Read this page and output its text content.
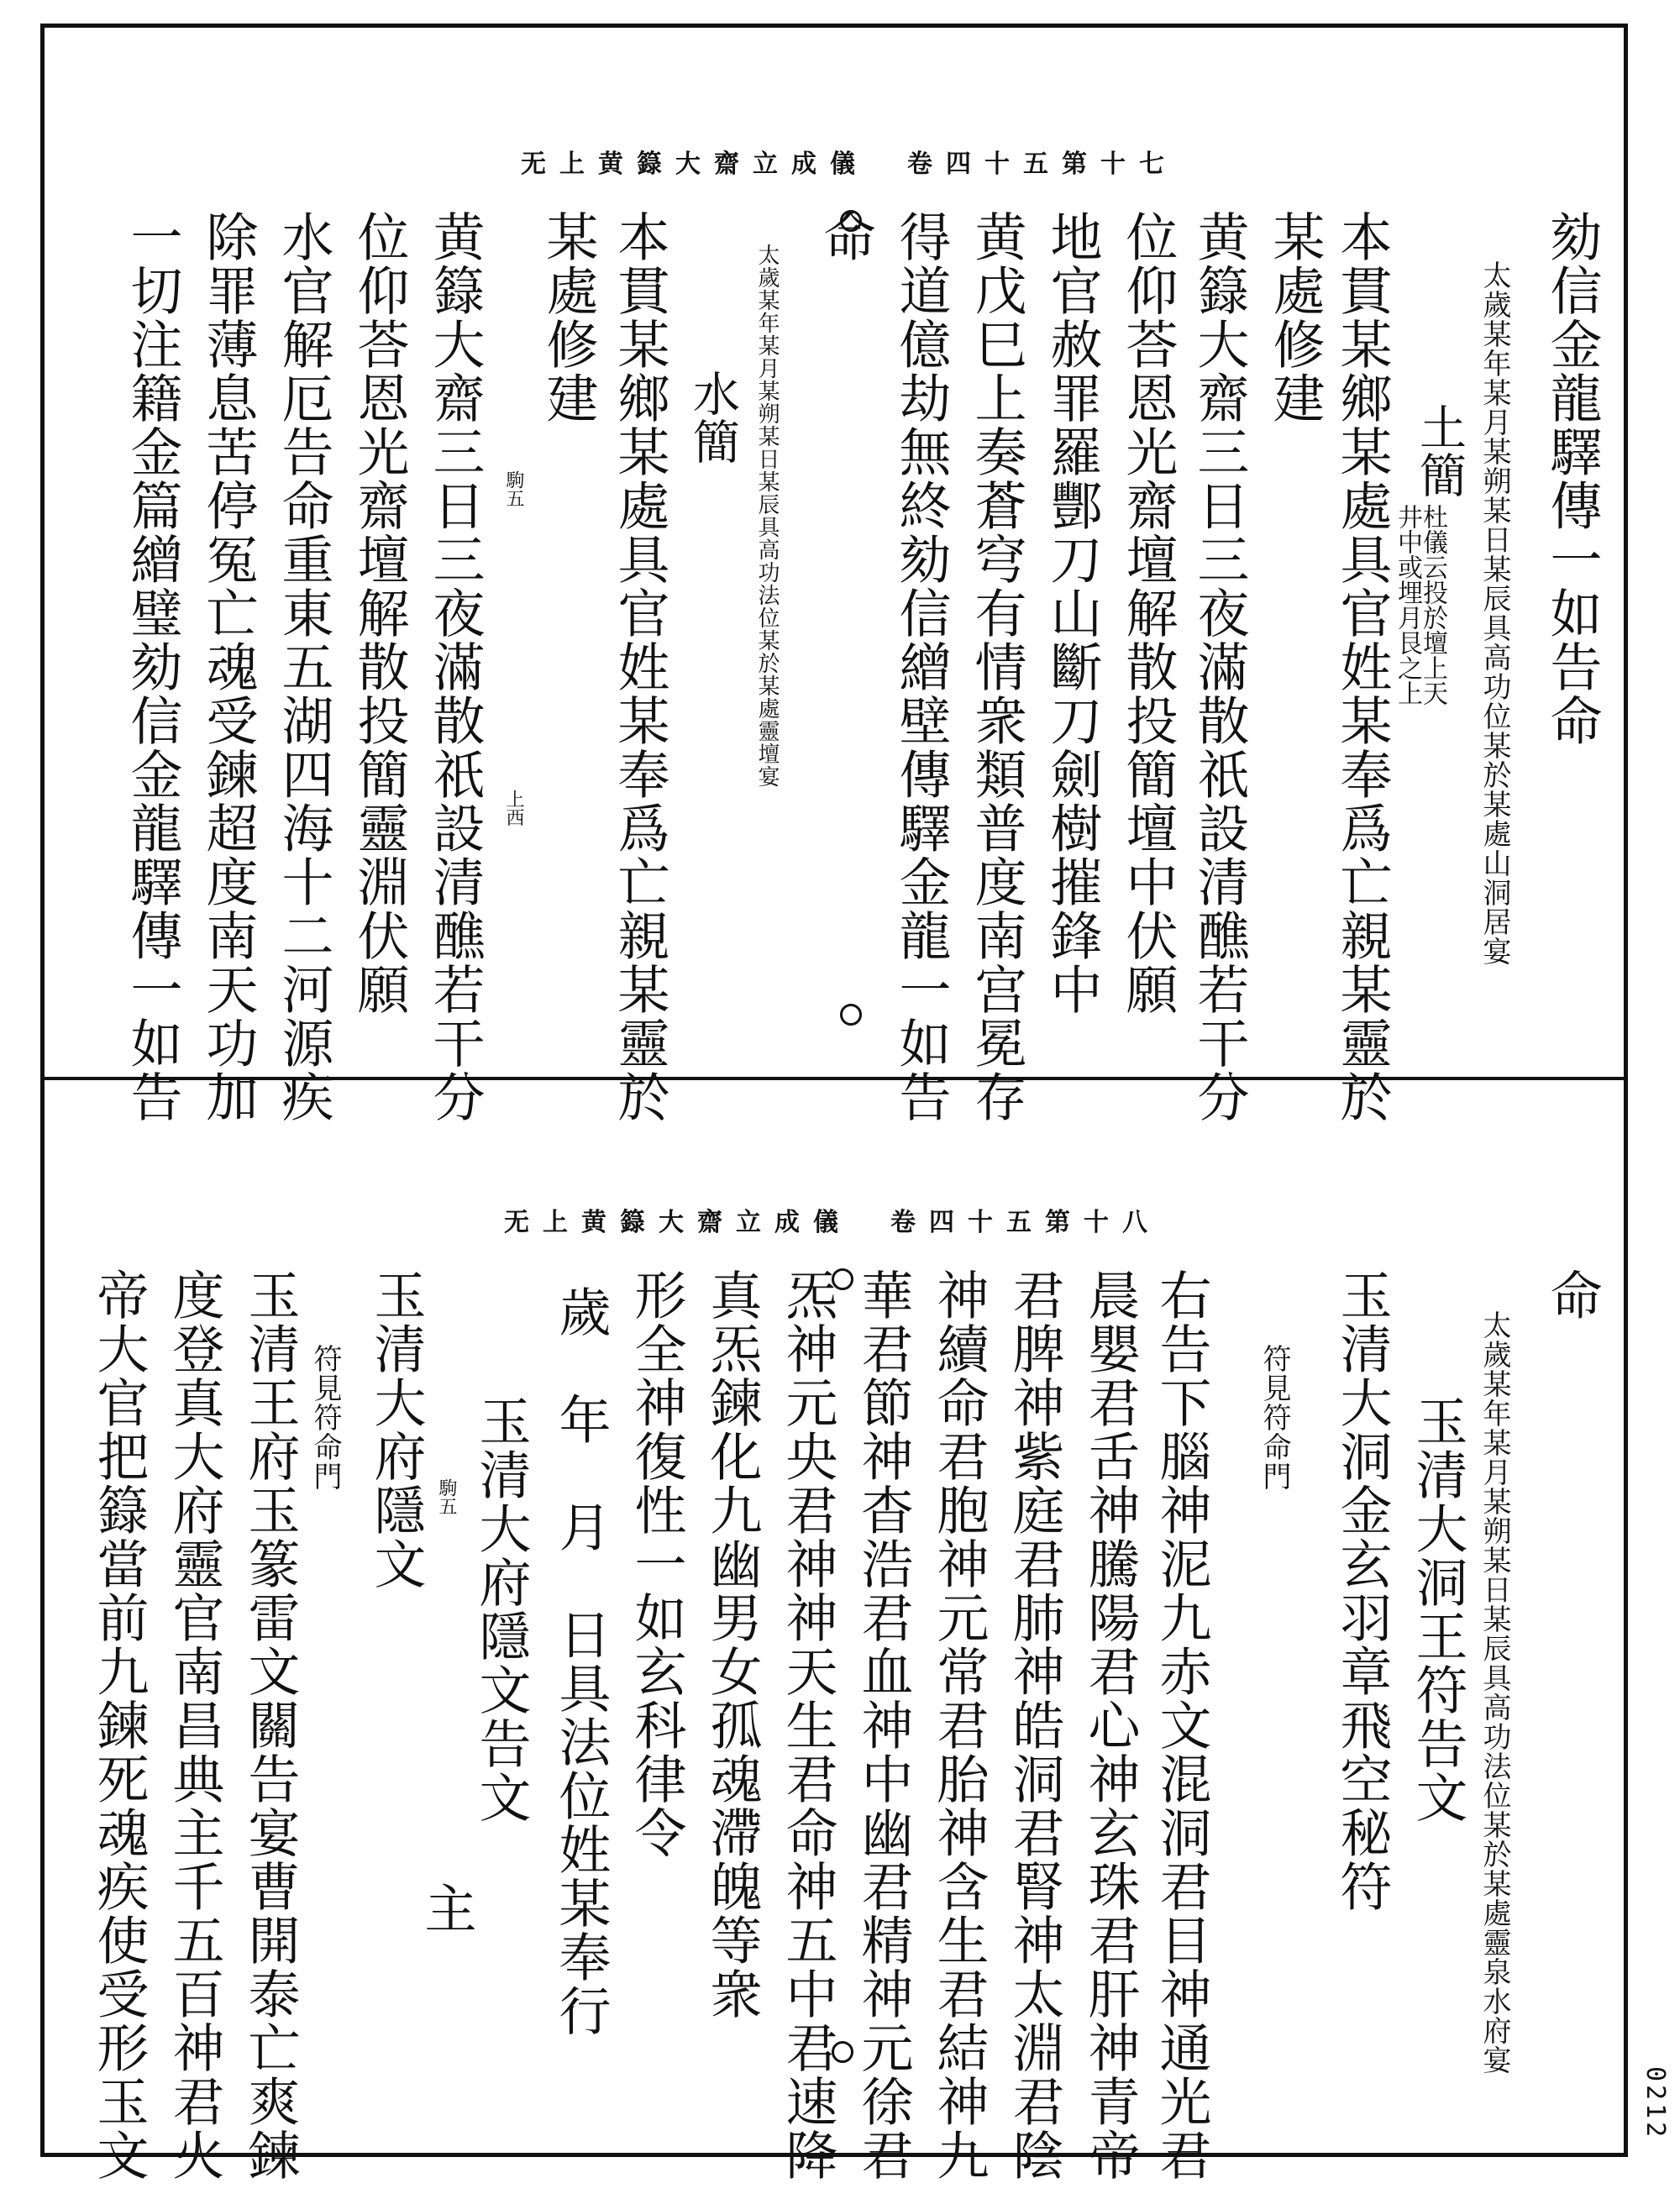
无上黄籙大齋立成儀　卷四十五第十七
劾信金龍驛傳一如告命
太歲某年某月某朔某日某辰具高功位某於某處山洞居宴
土簡
杜儀云投於壇上天
井中或埋月艮之上
本貫某鄉某處具官姓某奉爲亡親某靈於
某處修建
黄籙大齋三日三夜滿散祇設清醮若干分
位仰荅恩光齋壇解散投簡壇中伏願
地官赦罪羅酆刀山斷刀劍樹摧鋒中
黄戊巳上奏蒼穹有情衆類普度南宫冕存
得道億劫無終劾信繒壁傳驛金龍一如告
命
太歲某年某月某朔某日某辰具高功法位某於某處靈壇宴
水簡
本貫某鄉某處具官姓某奉爲亡親某靈於
某處修建
駒五
上西
黄籙大齋三日三夜滿散祇設清醮若干分
位仰荅恩光齋壇解散投簡靈淵伏願
水官解厄告命重東五湖四海十二河源疾
除罪薄息苦停冤亡魂受鍊超度南天功加
一切注籍金篇繒璧劾信金龍驛傳一如告
无上黄籙大齋立成儀　卷四十五第十八
命
太歲某年某月某朔某日某辰具高功法位某於某處靈泉水府宴
玉清大洞王符告文
玉清大洞金玄羽章飛空秘符
符見符命門
右告下腦神泥九赤文混洞君目神通光君
晨嬰君舌神騰陽君心神玄珠君肝神青帝
君脾神紫庭君肺神皓洞君腎神太淵君陰
神續命君胞神元常君胎神含生君結神九
華君節神杳浩君血神中幽君精神元徐君
炁神元央君神神天生君命神五中君速降
真炁鍊化九幽男女孤魂滯魄等衆
形全神復性一如玄科律令
歲　年　月　日具法位姓某奉行
玉清大府隱文告文
主
駒五
玉清大府隱文
符見符命門
玉清王府玉篆雷文關告宴曹開泰亡爽鍊
度登真大府靈官南昌典主千五百神君火
帝大官把籙當前九鍊死魂疾使受形玉文	0212
